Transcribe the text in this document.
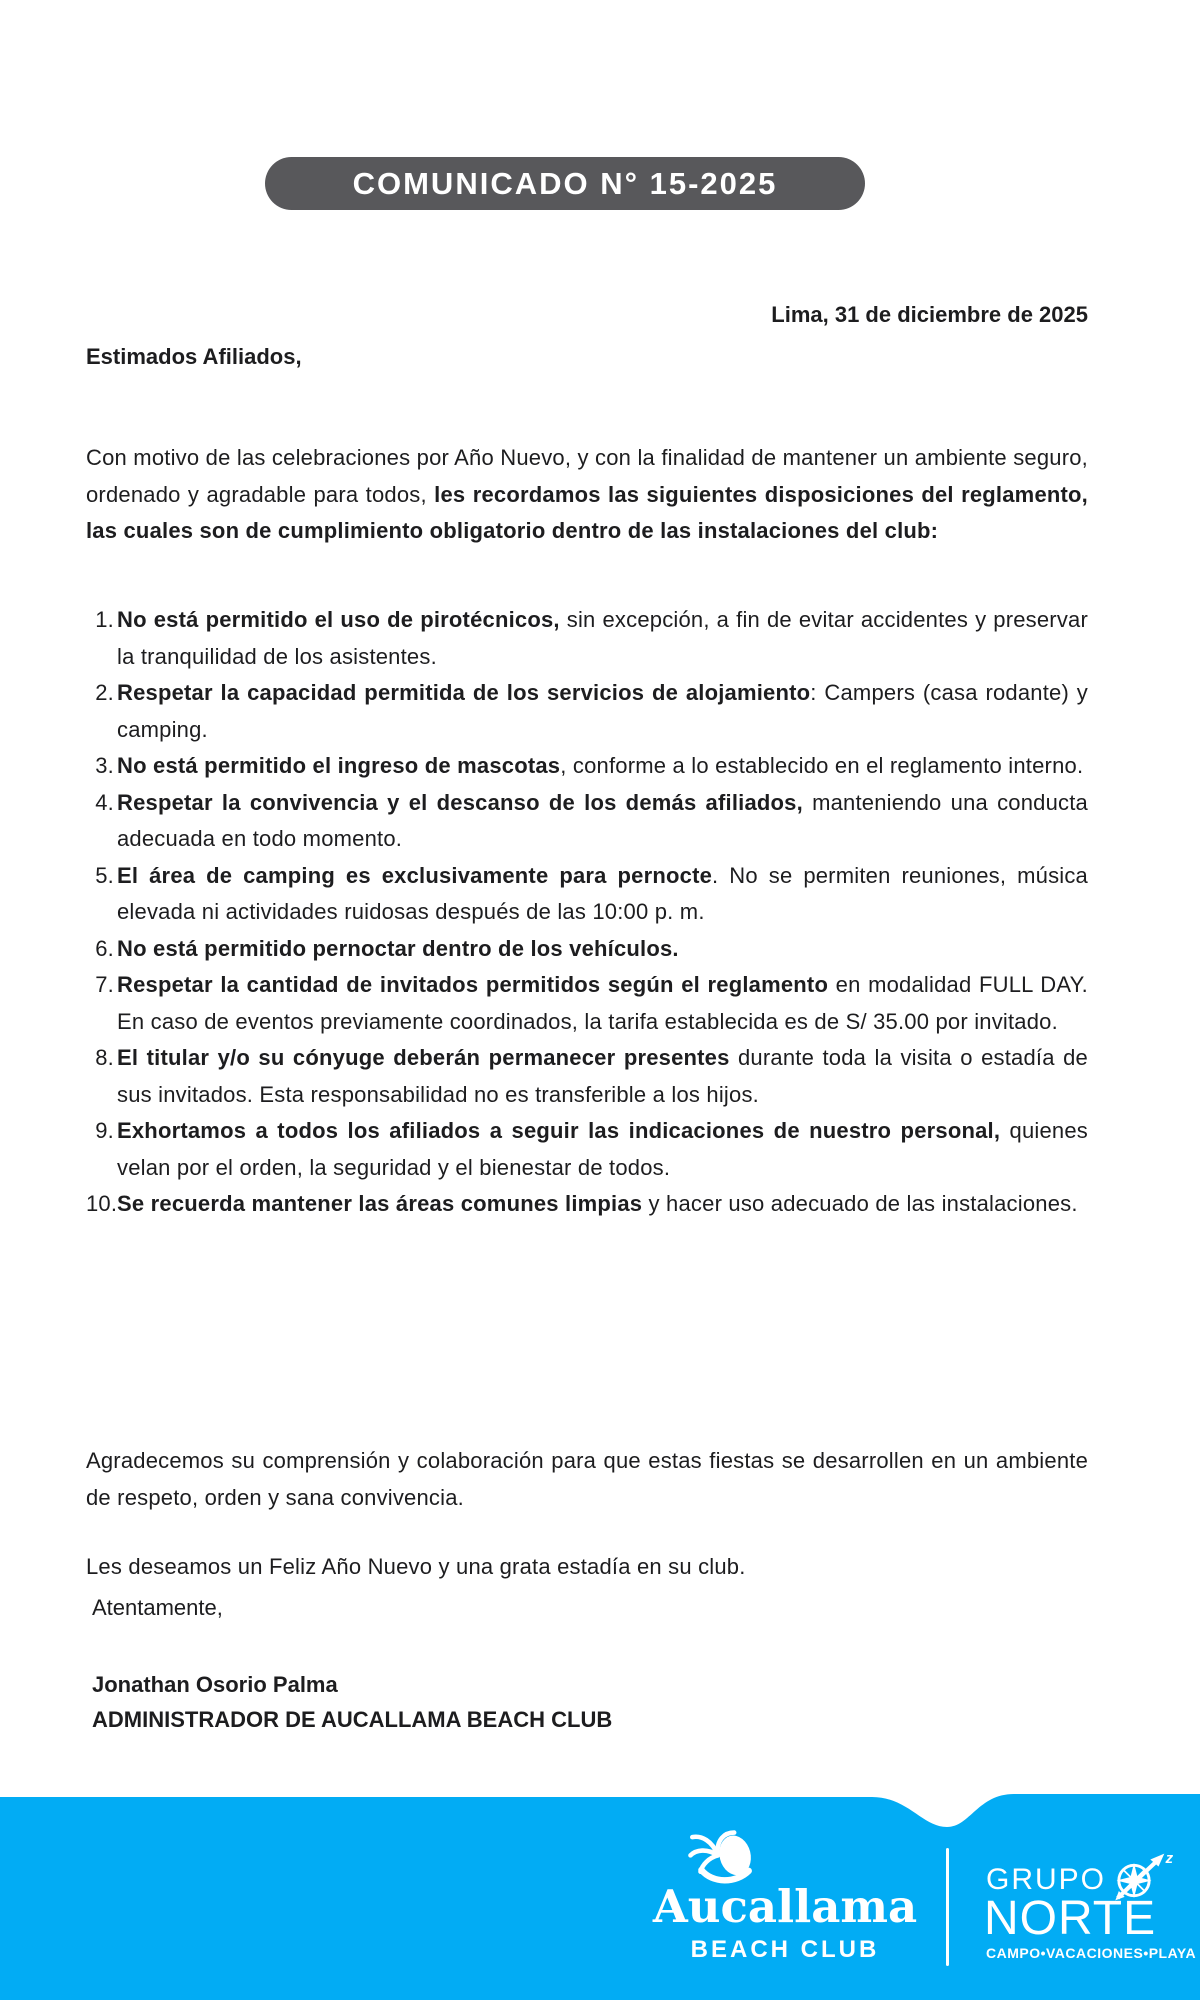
COMUNICADO N° 15-2025
Lima, 31 de diciembre de 2025
Estimados Afiliados,

Con motivo de las celebraciones por Año Nuevo, y con la finalidad de mantener un ambiente seguro, ordenado y agradable para todos, les recordamos las siguientes disposiciones del reglamento, las cuales son de cumplimiento obligatorio dentro de las instalaciones del club:

1. No está permitido el uso de pirotécnicos, sin excepción, a fin de evitar accidentes y preservar la tranquilidad de los asistentes.
2. Respetar la capacidad permitida de los servicios de alojamiento: Campers (casa rodante) y camping.
3. No está permitido el ingreso de mascotas, conforme a lo establecido en el reglamento interno.
4. Respetar la convivencia y el descanso de los demás afiliados, manteniendo una conducta adecuada en todo momento.
5. El área de camping es exclusivamente para pernocte. No se permiten reuniones, música elevada ni actividades ruidosas después de las 10:00 p. m.
6. No está permitido pernoctar dentro de los vehículos.
7. Respetar la cantidad de invitados permitidos según el reglamento en modalidad FULL DAY. En caso de eventos previamente coordinados, la tarifa establecida es de S/ 35.00 por invitado.
8. El titular y/o su cónyuge deberán permanecer presentes durante toda la visita o estadía de sus invitados. Esta responsabilidad no es transferible a los hijos.
9. Exhortamos a todos los afiliados a seguir las indicaciones de nuestro personal, quienes velan por el orden, la seguridad y el bienestar de todos.
10. Se recuerda mantener las áreas comunes limpias y hacer uso adecuado de las instalaciones.

Agradecemos su comprensión y colaboración para que estas fiestas se desarrollen en un ambiente de respeto, orden y sana convivencia.

Les deseamos un Feliz Año Nuevo y una grata estadía en su club.

Atentamente,
Jonathan Osorio Palma
ADMINISTRADOR DE AUCALLAMA BEACH CLUB
Aucallama
BEACH CLUB
GRUPO
z
NORTE
CAMPO•VACACIONES•PLAYA
